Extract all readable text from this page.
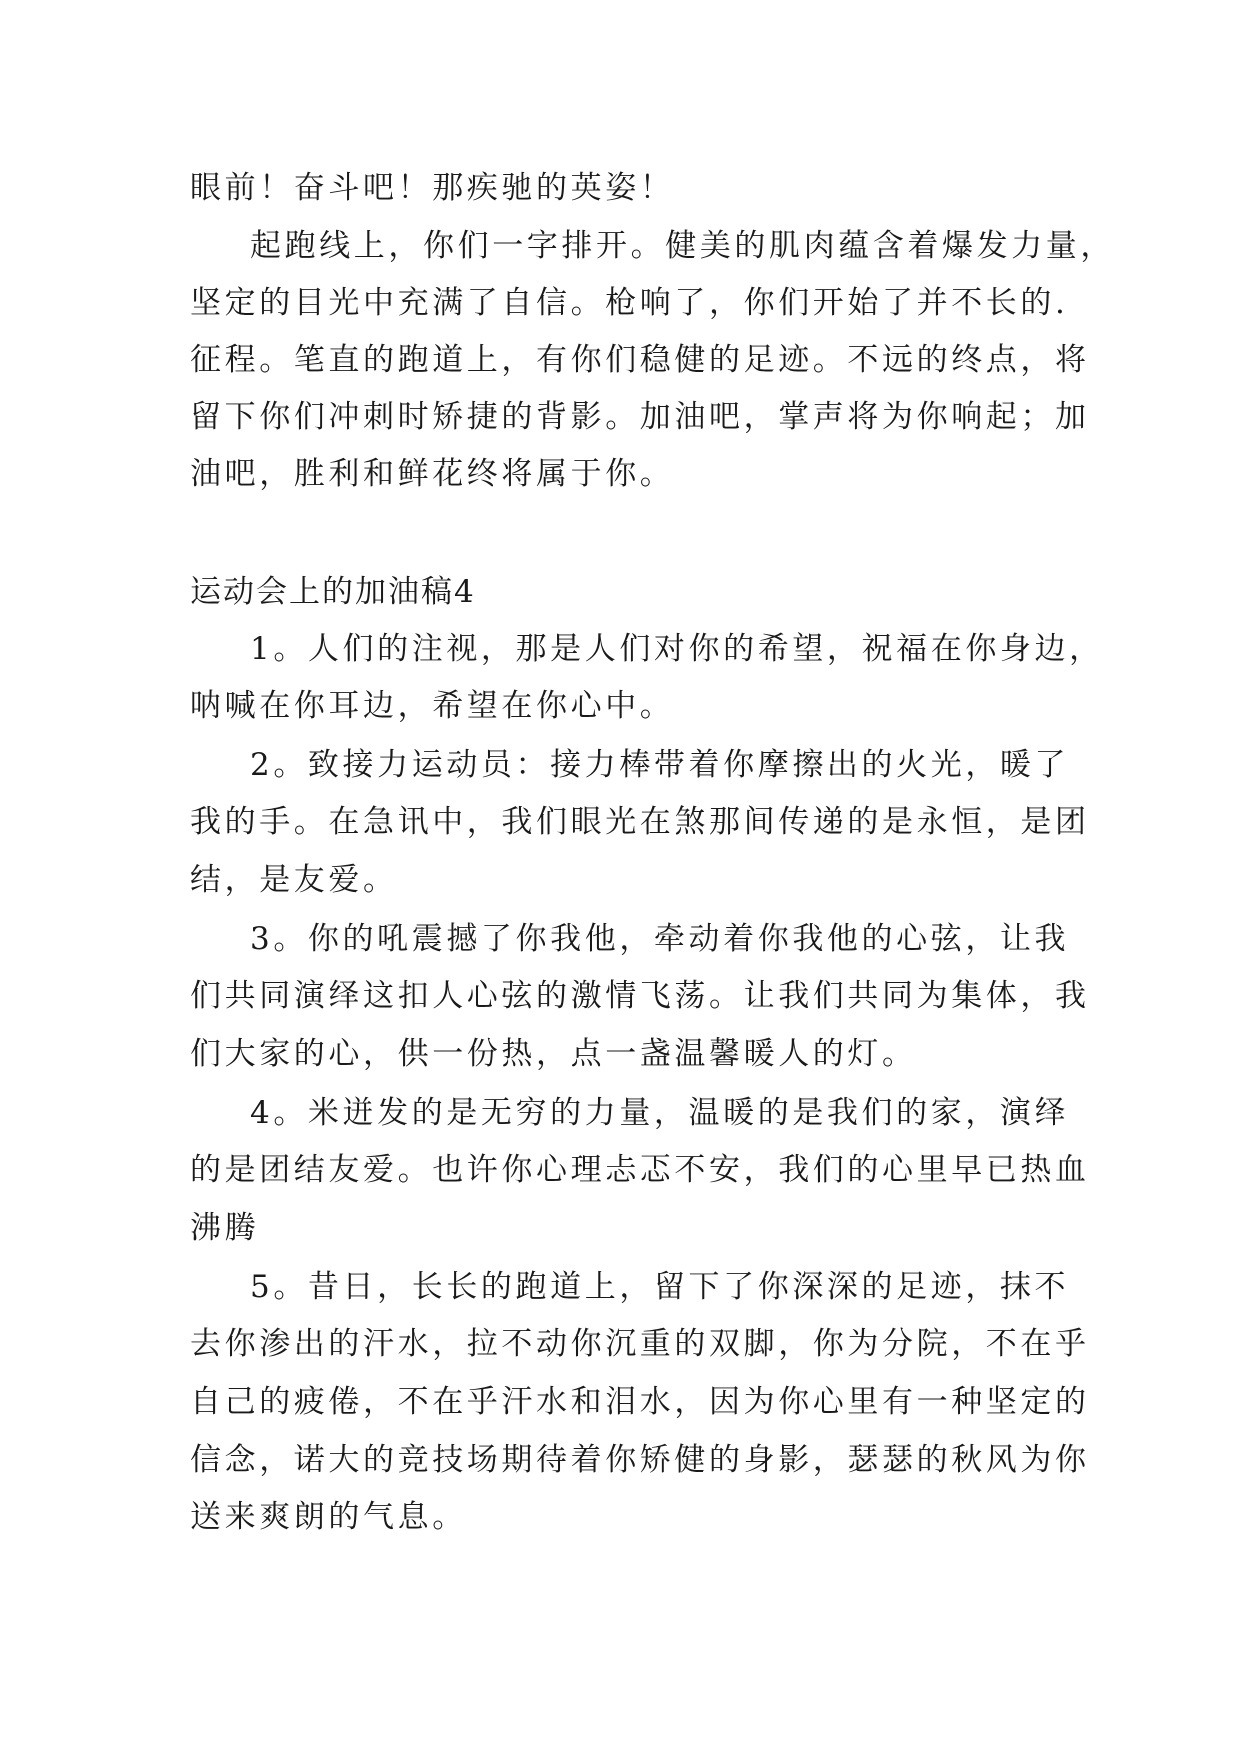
眼前！奋斗吧！那疾驰的英姿！
起跑线上，你们一字排开。健美的肌肉蕴含着爆发力量，
坚定的目光中充满了自信。枪响了，你们开始了并不长的.
征程。笔直的跑道上，有你们稳健的足迹。不远的终点，将
留下你们冲刺时矫捷的背影。加油吧，掌声将为你响起；加
油吧，胜利和鲜花终将属于你。
运动会上的加油稿4
1。人们的注视，那是人们对你的希望，祝福在你身边，
呐喊在你耳边，希望在你心中。
2。致接力运动员：接力棒带着你摩擦出的火光，暖了
我的手。在急讯中，我们眼光在煞那间传递的是永恒，是团
结，是友爱。
3。你的吼震撼了你我他，牵动着你我他的心弦，让我
们共同演绎这扣人心弦的激情飞荡。让我们共同为集体，我
们大家的心，供一份热，点一盏温馨暖人的灯。
4。米迸发的是无穷的力量，温暖的是我们的家，演绎
的是团结友爱。也许你心理忐忑不安，我们的心里早已热血
沸腾
5。昔日，长长的跑道上，留下了你深深的足迹，抹不
去你渗出的汗水，拉不动你沉重的双脚，你为分院，不在乎
自己的疲倦，不在乎汗水和泪水，因为你心里有一种坚定的
信念，诺大的竞技场期待着你矫健的身影，瑟瑟的秋风为你
送来爽朗的气息。
